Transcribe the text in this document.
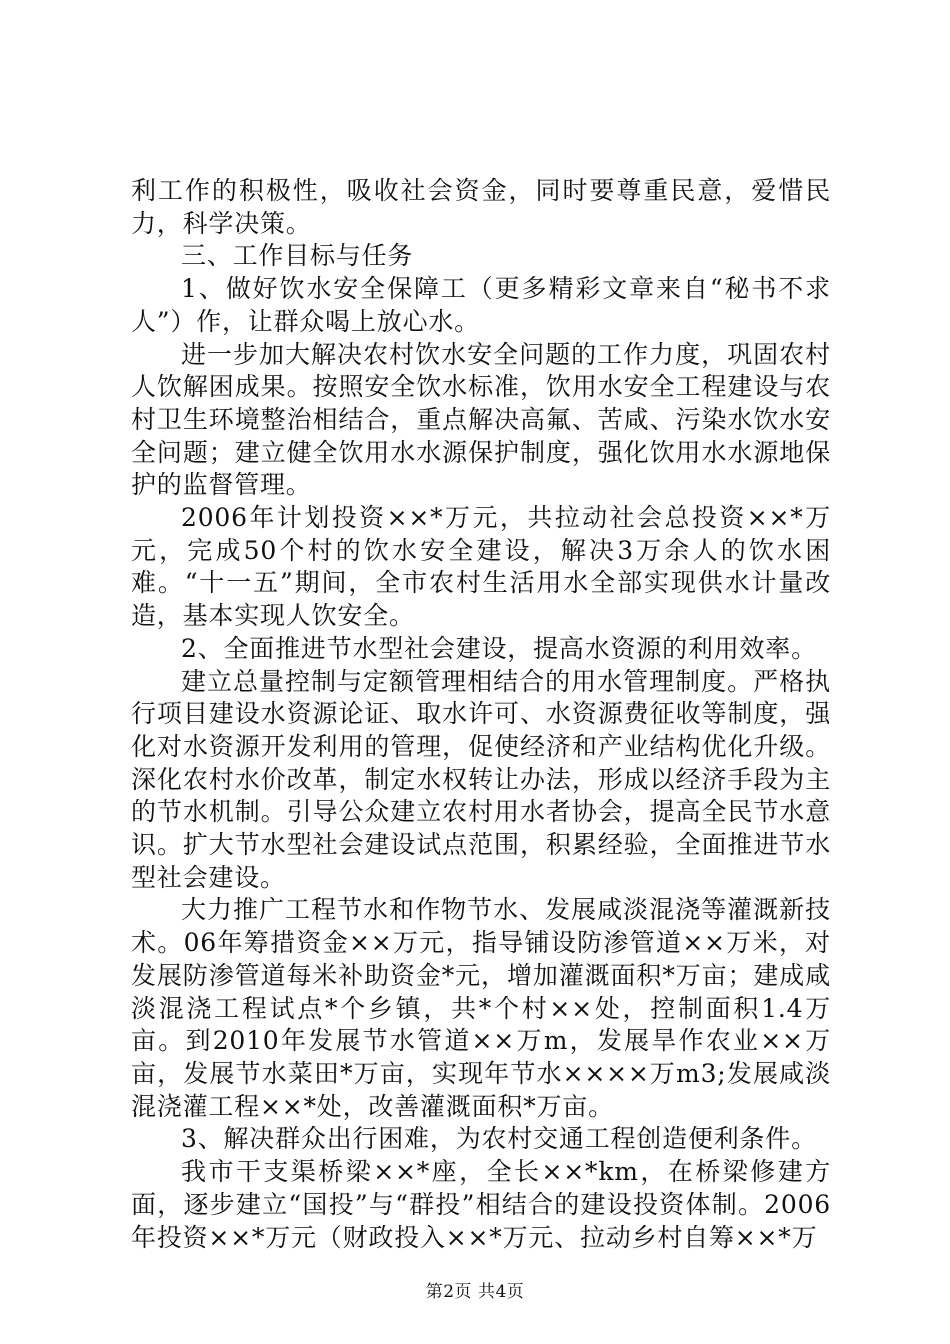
利工作的积极性，吸收社会资金，同时要尊重民意，爱惜民力，科学决策。

三、工作目标与任务

1、做好饮水安全保障工（更多精彩文章来自“秘书不求人”）作，让群众喝上放心水。

进一步加大解决农村饮水安全问题的工作力度，巩固农村人饮解困成果。按照安全饮水标准，饮用水安全工程建设与农村卫生环境整治相结合，重点解决高氟、苦咸、污染水饮水安全问题；建立健全饮用水水源保护制度，强化饮用水水源地保护的监督管理。

2006年计划投资××*万元，共拉动社会总投资××*万元，完成50个村的饮水安全建设，解决3万余人的饮水困难。“十一五”期间，全市农村生活用水全部实现供水计量改造，基本实现人饮安全。

2、全面推进节水型社会建设，提高水资源的利用效率。

建立总量控制与定额管理相结合的用水管理制度。严格执行项目建设水资源论证、取水许可、水资源费征收等制度，强化对水资源开发利用的管理，促使经济和产业结构优化升级。深化农村水价改革，制定水权转让办法，形成以经济手段为主的节水机制。引导公众建立农村用水者协会，提高全民节水意识。扩大节水型社会建设试点范围，积累经验，全面推进节水型社会建设。

大力推广工程节水和作物节水、发展咸淡混浇等灌溉新技术。06年筹措资金××万元，指导铺设防渗管道××万米，对发展防渗管道每米补助资金*元，增加灌溉面积*万亩；建成咸淡混浇工程试点*个乡镇，共*个村××处，控制面积1.4万亩。到2010年发展节水管道××万m，发展旱作农业××万亩，发展节水菜田*万亩，实现年节水××××万m3;发展咸淡混浇灌工程××*处，改善灌溉面积*万亩。

3、解决群众出行困难，为农村交通工程创造便利条件。

我市干支渠桥梁××*座，全长××*km，在桥梁修建方面，逐步建立“国投”与“群投”相结合的建设投资体制。2006年投资××*万元（财政投入××*万元、拉动乡村自筹××*万

第2页 共4页
